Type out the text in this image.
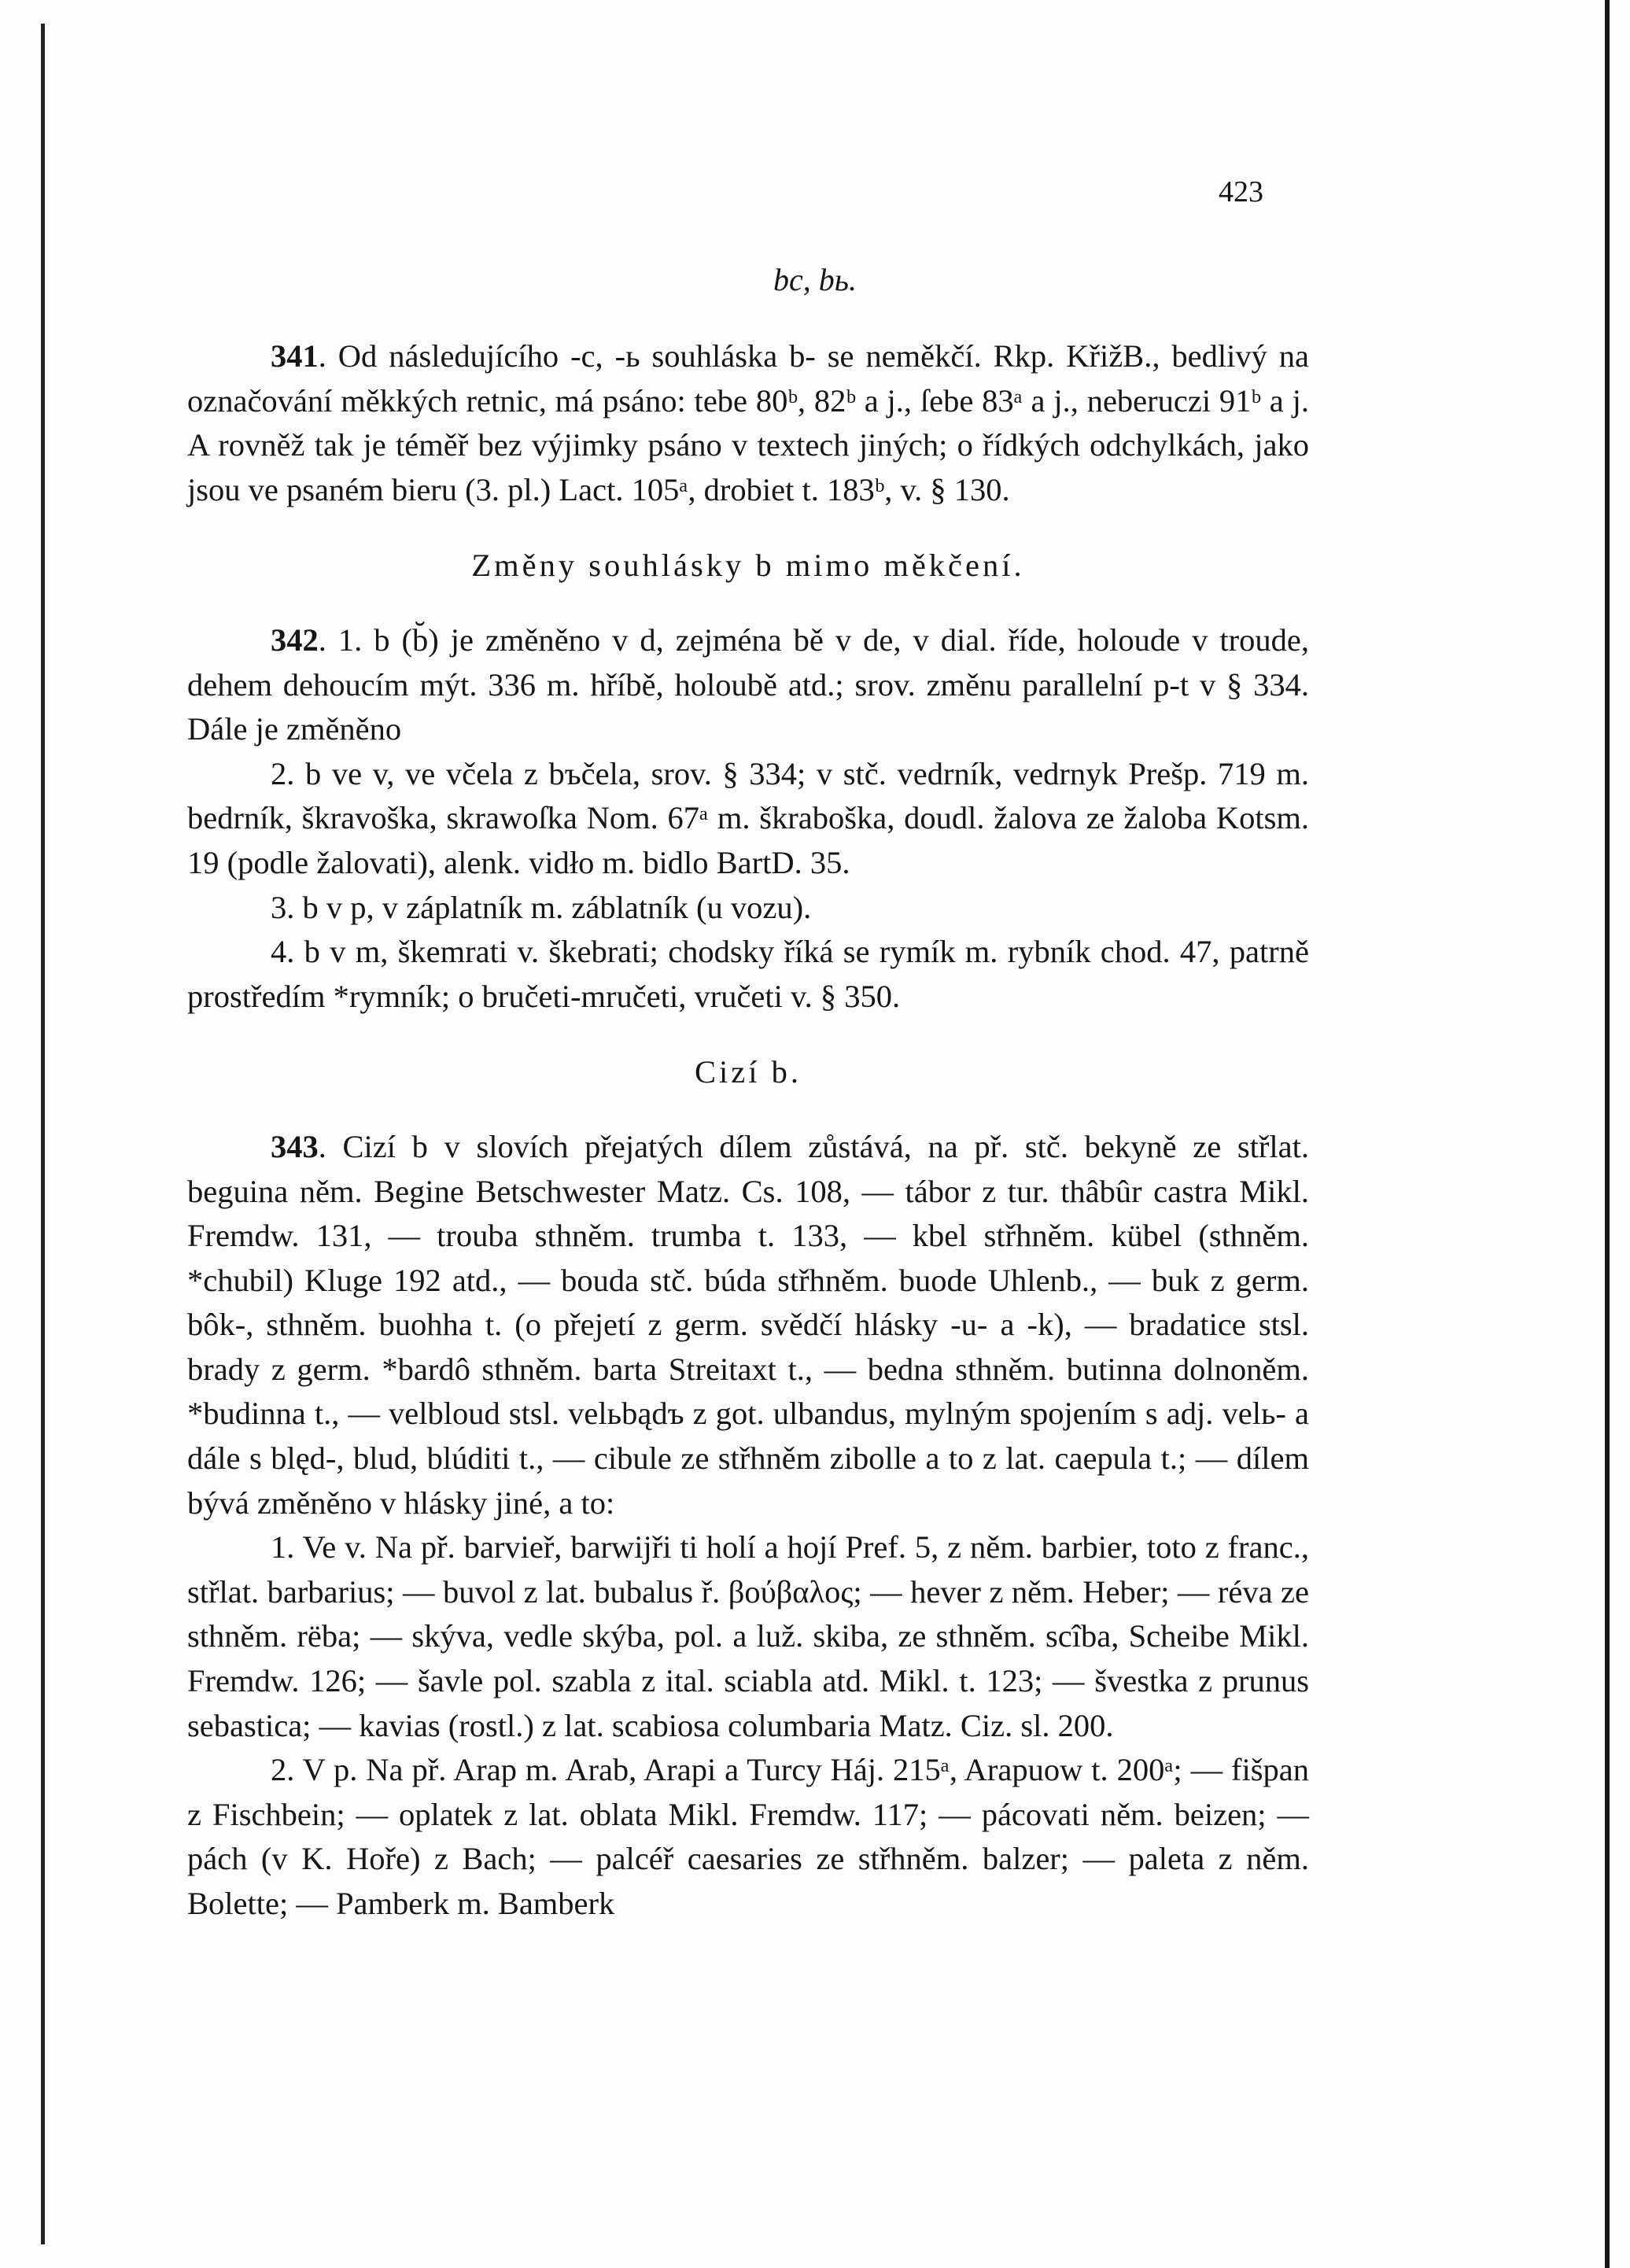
423
bc, bь.

341. Od následujícího -c, -ь souhláska b- se neměkčí. Rkp. KřižB., bedlivý na označování měkkých retnic, má psáno: tebe 80ᵇ, 82ᵇ a j., ſebe 83ᵃ a j., neberuczi 91ᵇ a j. A rovněž tak je téměř bez výjimky psáno v textech jiných; o řídkých odchylkách, jako jsou ve psaném bieru (3. pl.) Lact. 105ᵃ, drobiet t. 183ᵇ, v. § 130.

Změny souhlásky b mimo měkčení.

342. 1. b (b̆) je změněno v d, zejména bě v de, v dial. říde, holoude v troude, dehem dehoucím mýt. 336 m. hříbě, holoubě atd.; srov. změnu parallelní p-t v § 334. Dále je změněno

2. b ve v, ve včela z bъčela, srov. § 334; v stč. vedrník, vedrnyk Prešp. 719 m. bedrník, škravoška, skrawoſka Nom. 67ᵃ m. škraboška, doudl. žalova ze žaloba Kotsm. 19 (podle žalovati), alenk. vidło m. bidlo BartD. 35.

3. b v p, v záplatník m. záblatník (u vozu).

4. b v m, škemrati v. škebrati; chodsky říká se rymík m. rybník chod. 47, patrně prostředím *rymník; o bručeti-mručeti, vručeti v. § 350.

Cizí b.

343. Cizí b v slovích přejatých dílem zůstává, na př. stč. bekyně ze střlat. beguina něm. Begine Betschwester Matz. Cs. 108, — tábor z tur. thâbûr castra Mikl. Fremdw. 131, — trouba sthněm. trumba t. 133, — kbel střhněm. kübel (sthněm. *chubil) Kluge 192 atd., — bouda stč. búda střhněm. buode Uhlenb., — buk z germ. bôk-, sthněm. buohha t. (o přejetí z germ. svědčí hlásky -u- a -k), — bradatice stsl. brady z germ. *bardô sthněm. barta Streitaxt t., — bedna sthněm. butinna dolnoněm. *budinna t., — velbloud stsl. velьbądъ z got. ulbandus, mylným spojením s adj. velь- a dále s blęd-, blud, blúditi t., — cibule ze střhněm zibolle a to z lat. caepula t.; — dílem bývá změněno v hlásky jiné, a to:

1. Ve v. Na př. barvieř, barwijři ti holí a hojí Pref. 5, z něm. barbier, toto z franc., střlat. barbarius; — buvol z lat. bubalus ř. βούβαλος; — hever z něm. Heber; — réva ze sthněm. rëba; — skýva, vedle skýba, pol. a luž. skiba, ze sthněm. scîba, Scheibe Mikl. Fremdw. 126; — šavle pol. szabla z ital. sciabla atd. Mikl. t. 123; — švestka z prunus sebastica; — kavias (rostl.) z lat. scabiosa columbaria Matz. Ciz. sl. 200.

2. V p. Na př. Arap m. Arab, Arapi a Turcy Háj. 215ᵃ, Arapuow t. 200ᵃ; — fišpan z Fischbein; — oplatek z lat. oblata Mikl. Fremdw. 117; — pácovati něm. beizen; — pách (v K. Hoře) z Bach; — palcéř caesaries ze střhněm. balzer; — paleta z něm. Bolette; — Pamberk m. Bamberk
